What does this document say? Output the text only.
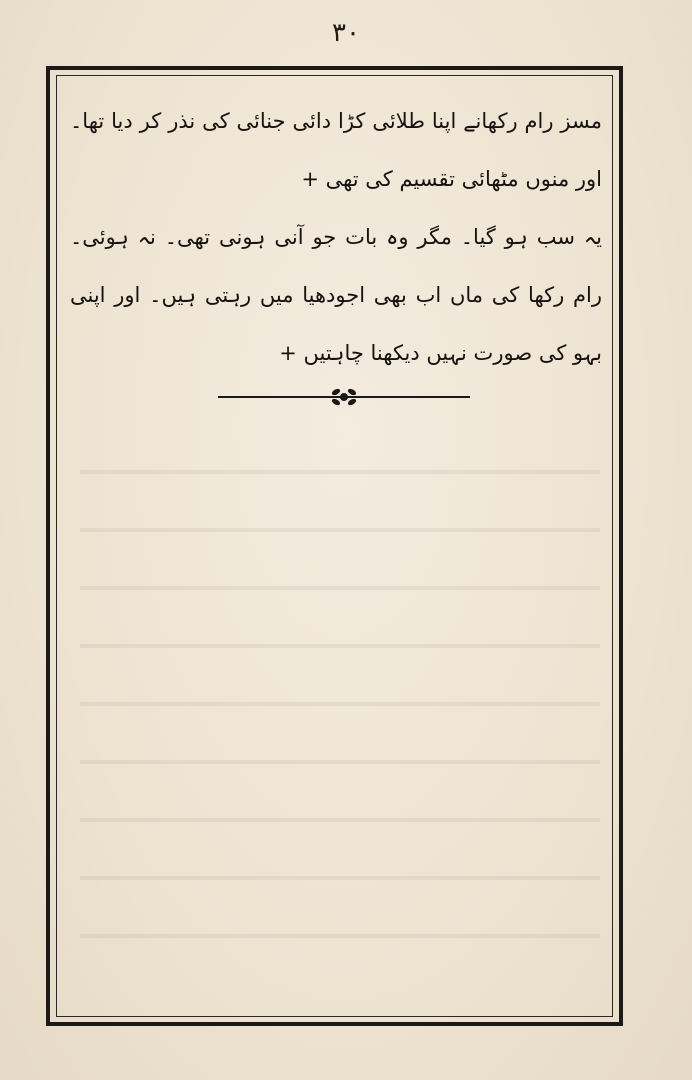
۳۰

مسز رام رکھانے اپنا طلائی کڑا دائی جنائی کی نذر کر دیا تھا۔ اور منوں مٹھائی تقسیم کی تھی +

یہ سب ہو گیا۔ مگر وہ بات جو آنی ہونی تھی۔ نہ ہوئی۔ رام رکھا کی ماں اب بھی اجودھیا میں رہتی ہیں۔ اور اپنی بہو کی صورت نہیں دیکھنا چاہتیں +
